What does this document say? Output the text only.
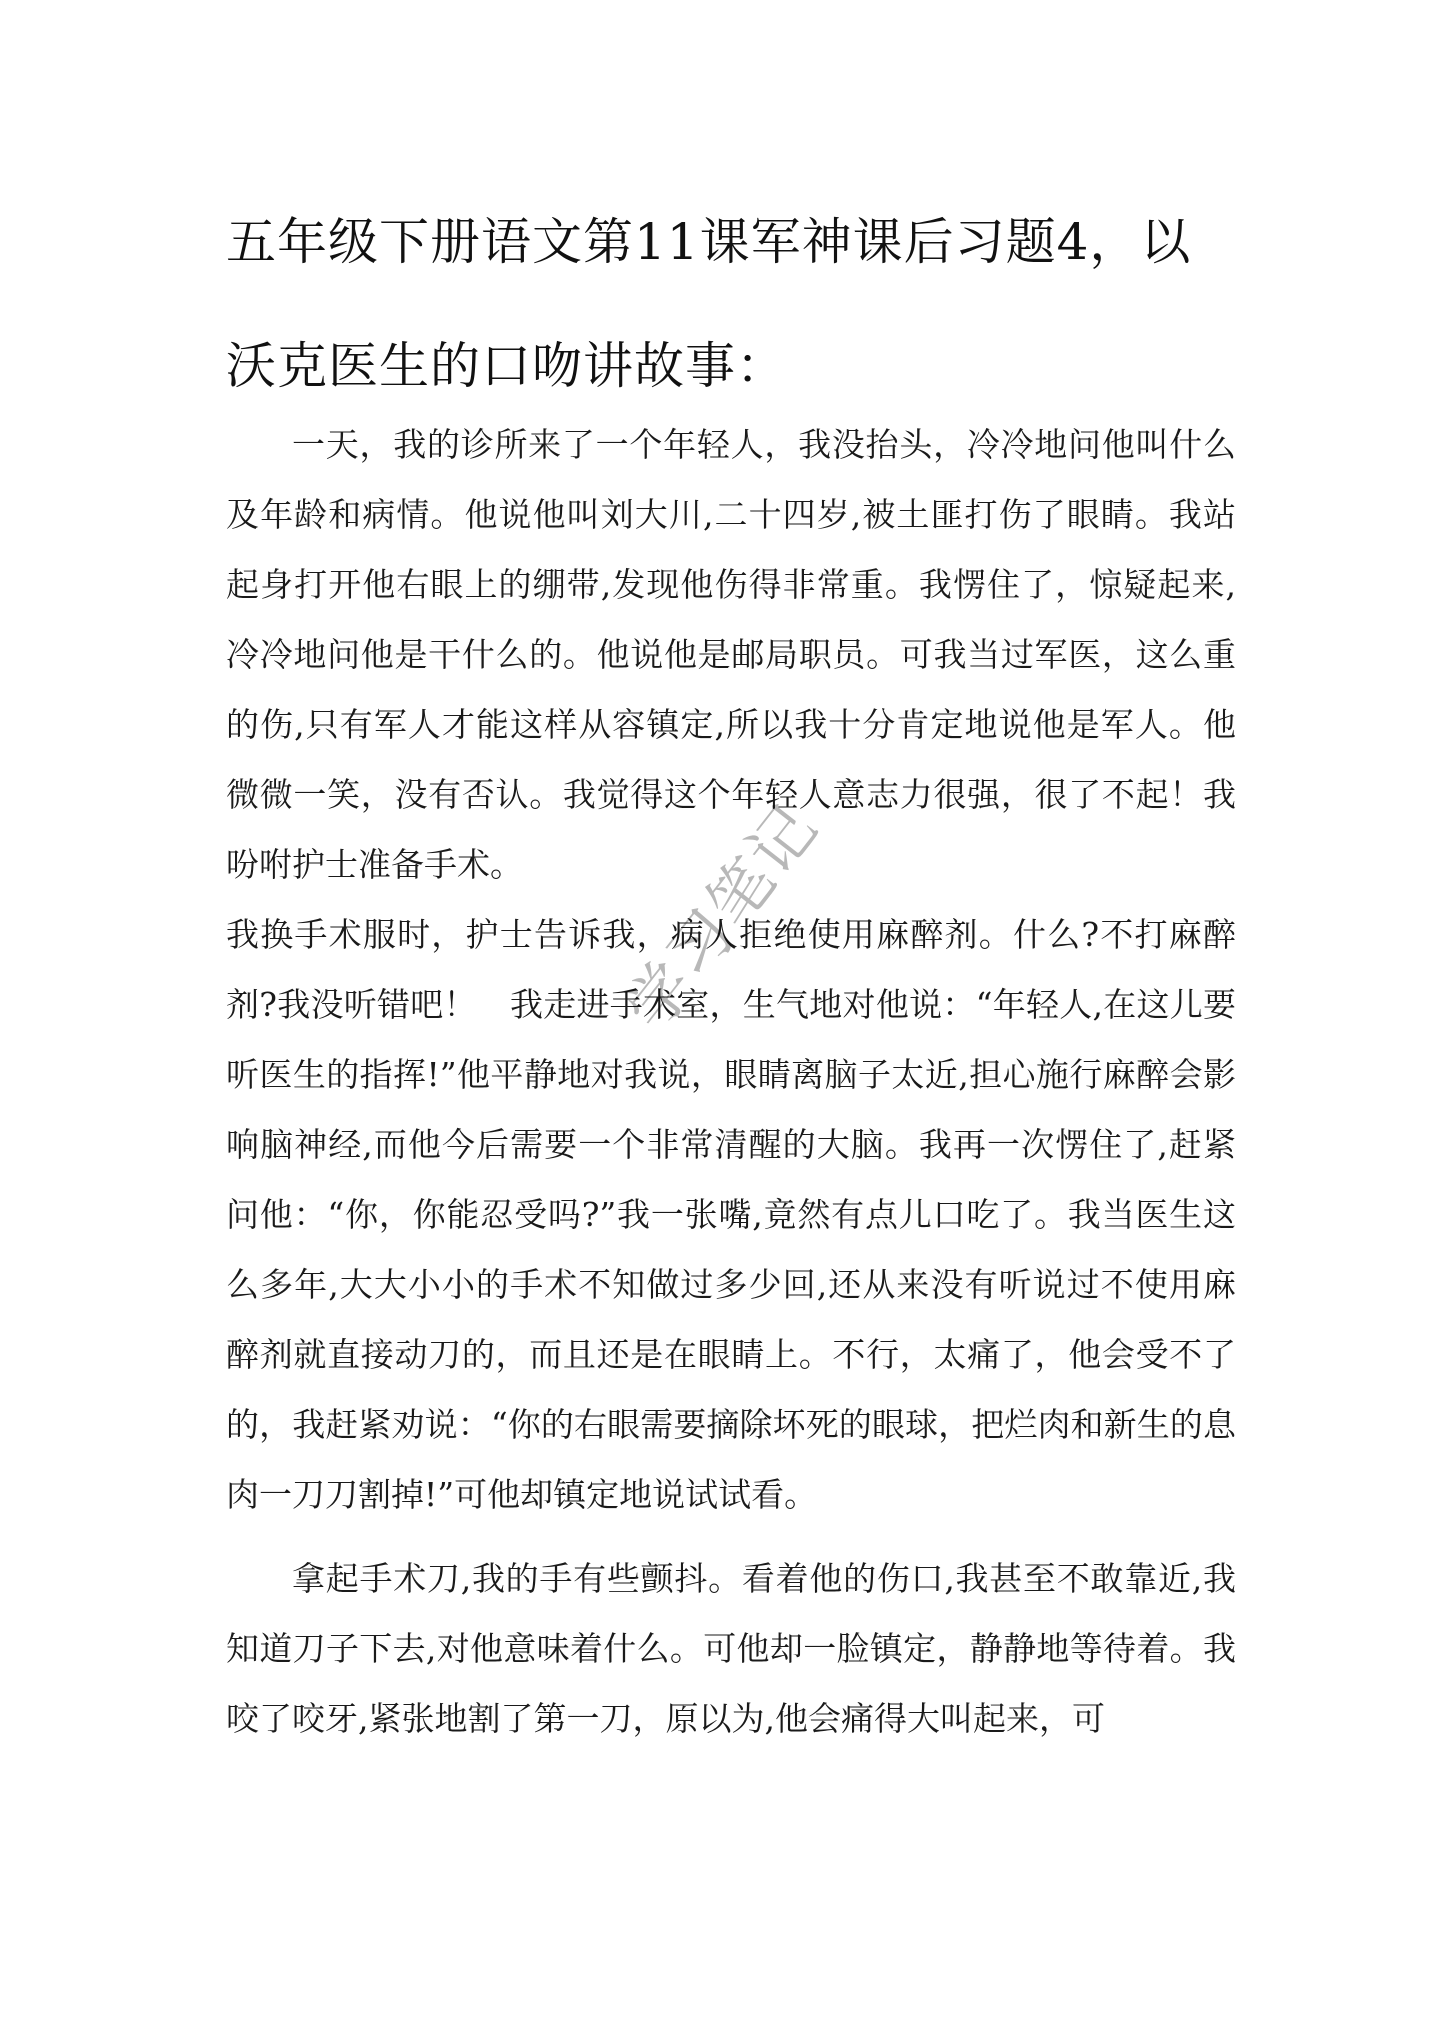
五年级下册语文第11课军神课后习题4，以沃克医生的口吻讲故事：

一天，我的诊所来了一个年轻人，我没抬头，冷冷地问他叫什么及年龄和病情。他说他叫刘大川,二十四岁,被土匪打伤了眼睛。我站起身打开他右眼上的绷带,发现他伤得非常重。我愣住了，惊疑起来,冷冷地问他是干什么的。他说他是邮局职员。可我当过军医，这么重的伤,只有军人才能这样从容镇定,所以我十分肯定地说他是军人。他微微一笑，没有否认。我觉得这个年轻人意志力很强，很了不起！我吩咐护士准备手术。

我换手术服时，护士告诉我，病人拒绝使用麻醉剂。什么?不打麻醉剂?我没听错吧！　我走进手术室，生气地对他说：“年轻人,在这儿要听医生的指挥!”他平静地对我说，眼睛离脑子太近,担心施行麻醉会影响脑神经,而他今后需要一个非常清醒的大脑。我再一次愣住了,赶紧问他：“你，你能忍受吗?”我一张嘴,竟然有点儿口吃了。我当医生这么多年,大大小小的手术不知做过多少回,还从来没有听说过不使用麻醉剂就直接动刀的，而且还是在眼睛上。不行，太痛了，他会受不了的，我赶紧劝说：“你的右眼需要摘除坏死的眼球，把烂肉和新生的息肉一刀刀割掉!”可他却镇定地说试试看。

拿起手术刀,我的手有些颤抖。看着他的伤口,我甚至不敢靠近,我知道刀子下去,对他意味着什么。可他却一脸镇定，静静地等待着。我咬了咬牙,紧张地割了第一刀，原以为,他会痛得大叫起来，可

学习笔记
